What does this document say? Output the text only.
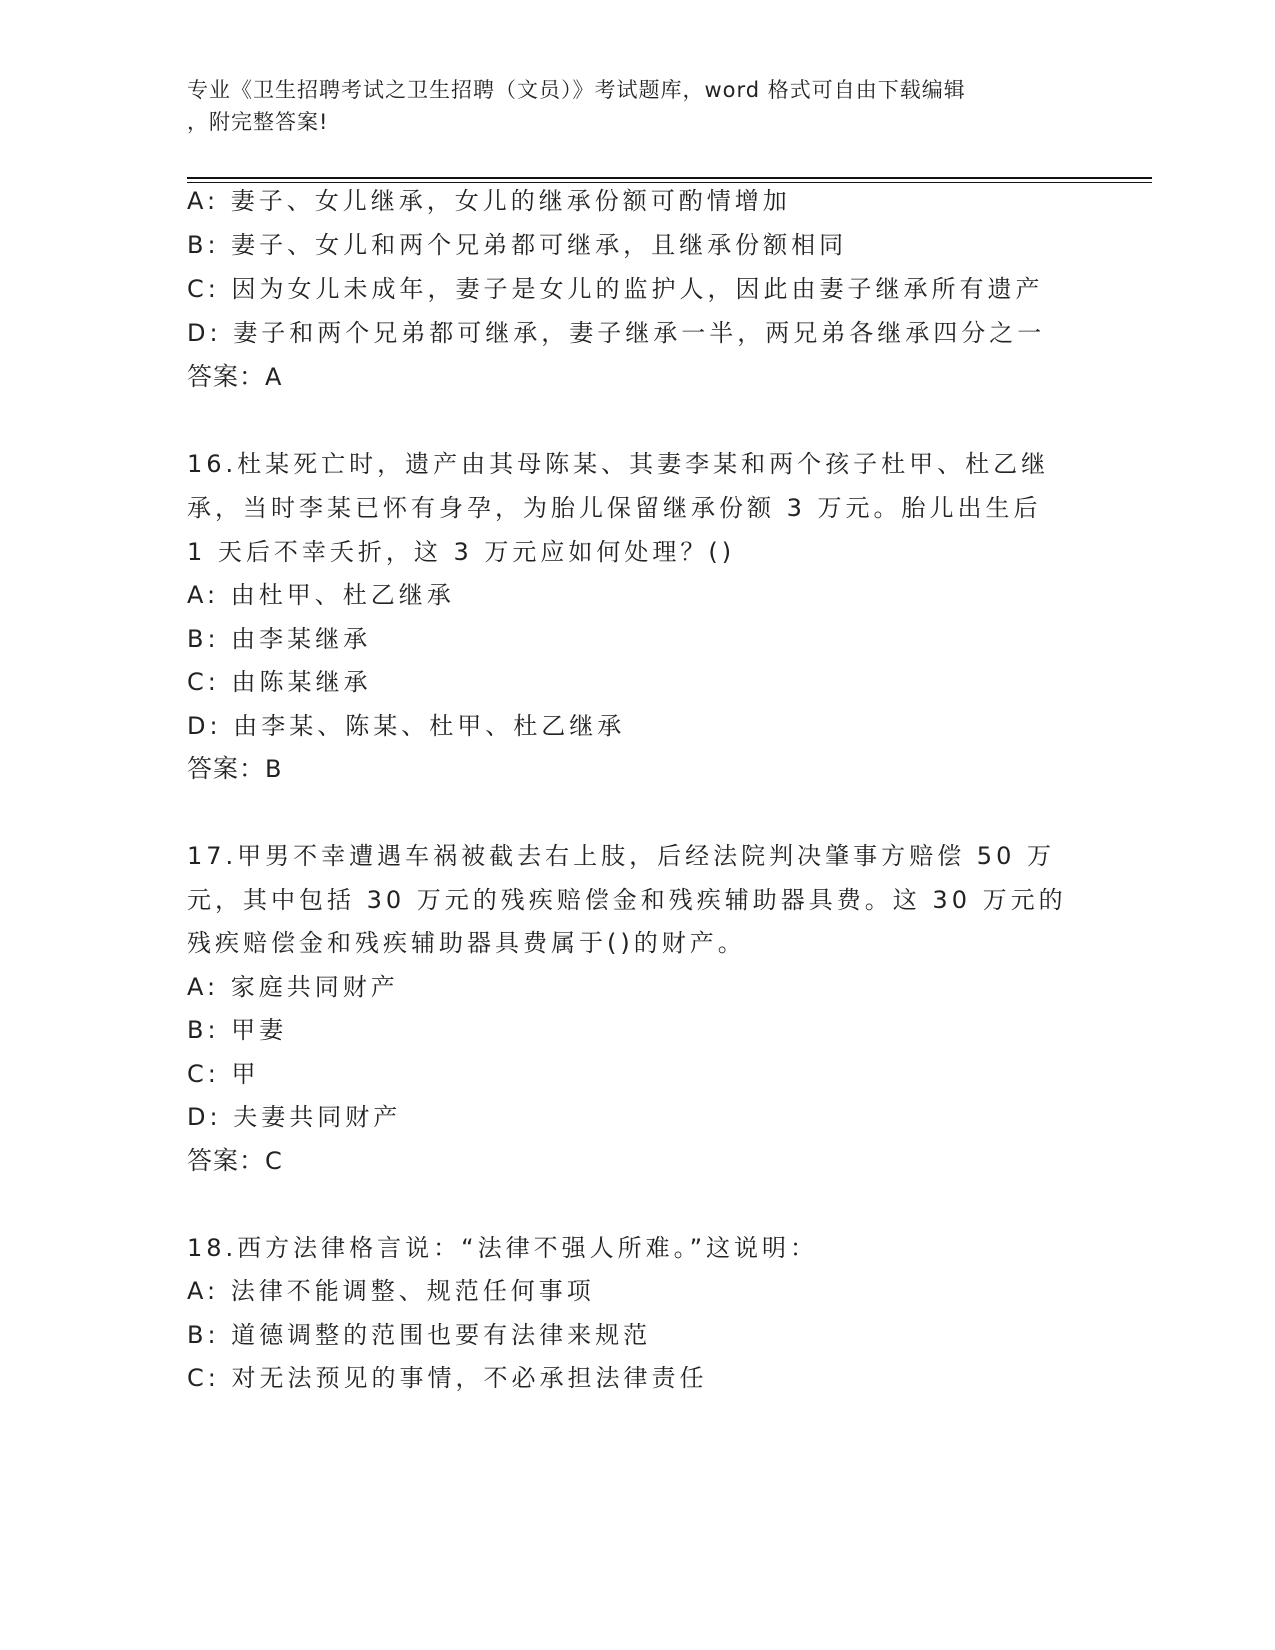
专业《卫生招聘考试之卫生招聘（文员）》考试题库，word 格式可自由下载编辑
，附完整答案!
A: 妻子、女儿继承，女儿的继承份额可酌情增加
B: 妻子、女儿和两个兄弟都可继承，且继承份额相同
C: 因为女儿未成年，妻子是女儿的监护人，因此由妻子继承所有遗产
D: 妻子和两个兄弟都可继承，妻子继承一半，两兄弟各继承四分之一
答案：A
16.杜某死亡时，遗产由其母陈某、其妻李某和两个孩子杜甲、杜乙继
承，当时李某已怀有身孕，为胎儿保留继承份额 3 万元。胎儿出生后
1 天后不幸夭折，这 3 万元应如何处理？()
A: 由杜甲、杜乙继承
B: 由李某继承
C: 由陈某继承
D: 由李某、陈某、杜甲、杜乙继承
答案：B
17.甲男不幸遭遇车祸被截去右上肢，后经法院判决肇事方赔偿 50 万
元，其中包括 30 万元的残疾赔偿金和残疾辅助器具费。这 30 万元的
残疾赔偿金和残疾辅助器具费属于()的财产。
A: 家庭共同财产
B: 甲妻
C: 甲
D: 夫妻共同财产
答案：C
18.西方法律格言说：“法律不强人所难。”这说明：
A: 法律不能调整、规范任何事项
B: 道德调整的范围也要有法律来规范
C: 对无法预见的事情，不必承担法律责任
